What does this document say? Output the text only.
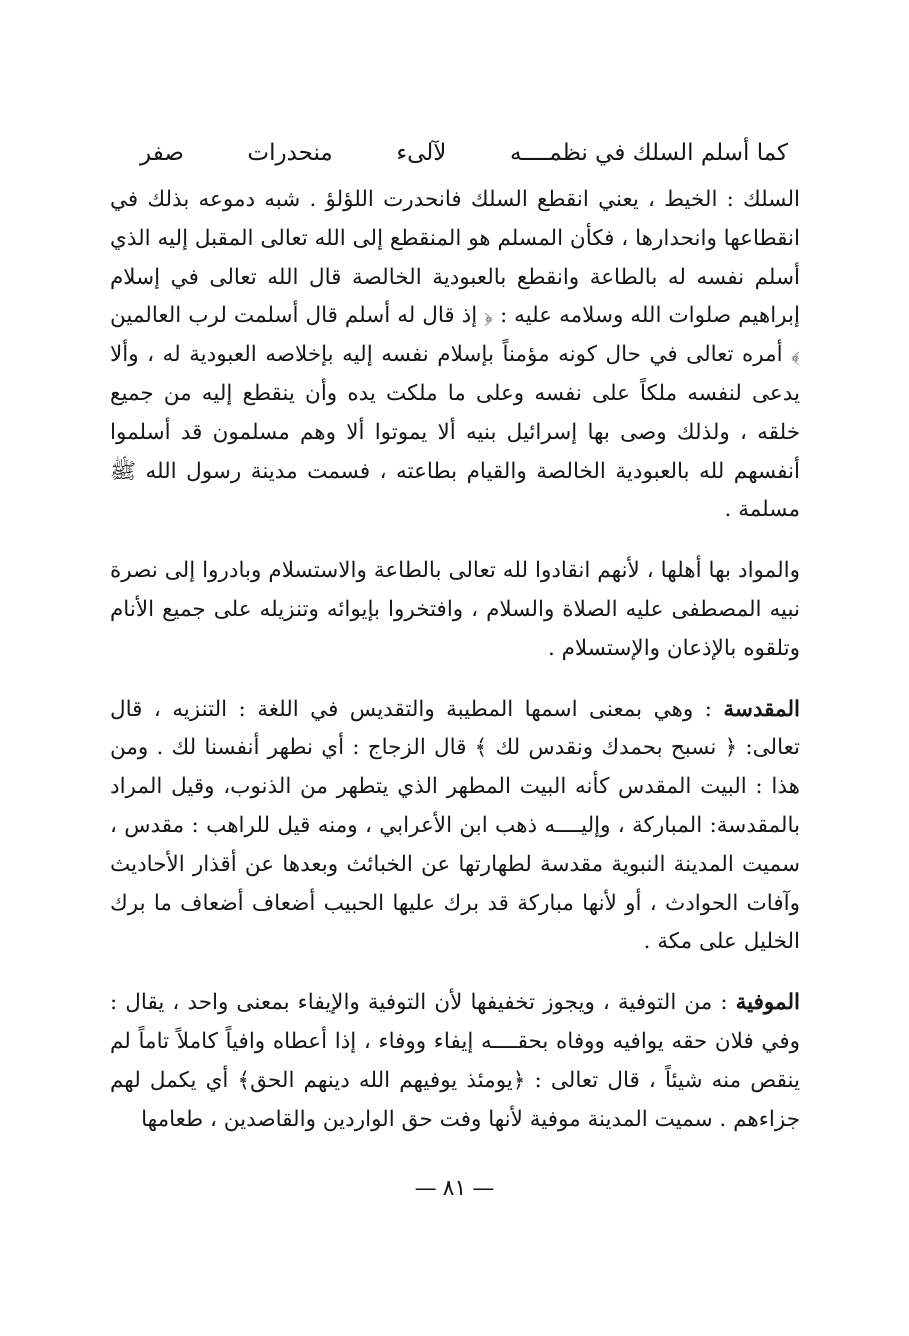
كما أسلم السلك في نظمــــه
لآلىء
منحدرات
صفر

السلك : الخيط ، يعني انقطع السلك فانحدرت اللؤلؤ . شبه دموعه بذلك في انقطاعها وانحدارها ، فكأن المسلم هو المنقطع إلى الله تعالى المقبل إليه الذي أسلم نفسه له بالطاعة وانقطع بالعبودية الخالصة قال الله تعالى في إسلام إبراهيم صلوات الله وسلامه عليه : ﴿ إذ قال له أسلم قال أسلمت لرب العالمين ﴾ أمره تعالى في حال كونه مؤمناً بإسلام نفسه إليه بإخلاصه العبودية له ، وألا يدعى لنفسه ملكاً على نفسه وعلى ما ملكت يده وأن ينقطع إليه من جميع خلقه ، ولذلك وصى بها إسرائيل بنيه ألا يموتوا ألا وهم مسلمون قد أسلموا أنفسهم لله بالعبودية الخالصة والقيام بطاعته ، فسمت مدينة رسول الله ﷺ مسلمة .

والمواد بها أهلها ، لأنهم انقادوا لله تعالى بالطاعة والاستسلام وبادروا إلى نصرة نبيه المصطفى عليه الصلاة والسلام ، وافتخروا بإيوائه وتنزيله على جميع الأنام وتلقوه بالإذعان والإستسلام .

المقدسة : وهي بمعنى اسمها المطيبة والتقديس في اللغة : التنزيه ، قال تعالى: ﴿ نسبح بحمدك ونقدس لك ﴾ قال الزجاج : أي نطهر أنفسنا لك . ومن هذا : البيت المقدس كأنه البيت المطهر الذي يتطهر من الذنوب، وقيل المراد بالمقدسة: المباركة ، وإليــــه ذهب ابن الأعرابي ، ومنه قيل للراهب : مقدس ، سميت المدينة النبوية مقدسة لطهارتها عن الخبائث وبعدها عن أقذار الأحاديث وآفات الحوادث ، أو لأنها مباركة قد برك عليها الحبيب أضعاف أضعاف ما برك الخليل على مكة .

الموفية : من التوفية ، ويجوز تخفيفها لأن التوفية والإيفاء بمعنى واحد ، يقال : وفي فلان حقه يوافيه ووفاه بحقــــه إيفاء ووفاء ، إذا أعطاه وافياً كاملاً تاماً لم ينقص منه شيئاً ، قال تعالى : ﴿يومئذ يوفيهم الله دينهم الحق﴾ أي يكمل لهم جزاءهم . سميت المدينة موفية لأنها وفت حق الواردين والقاصدين ، طعامها

—٨١—
